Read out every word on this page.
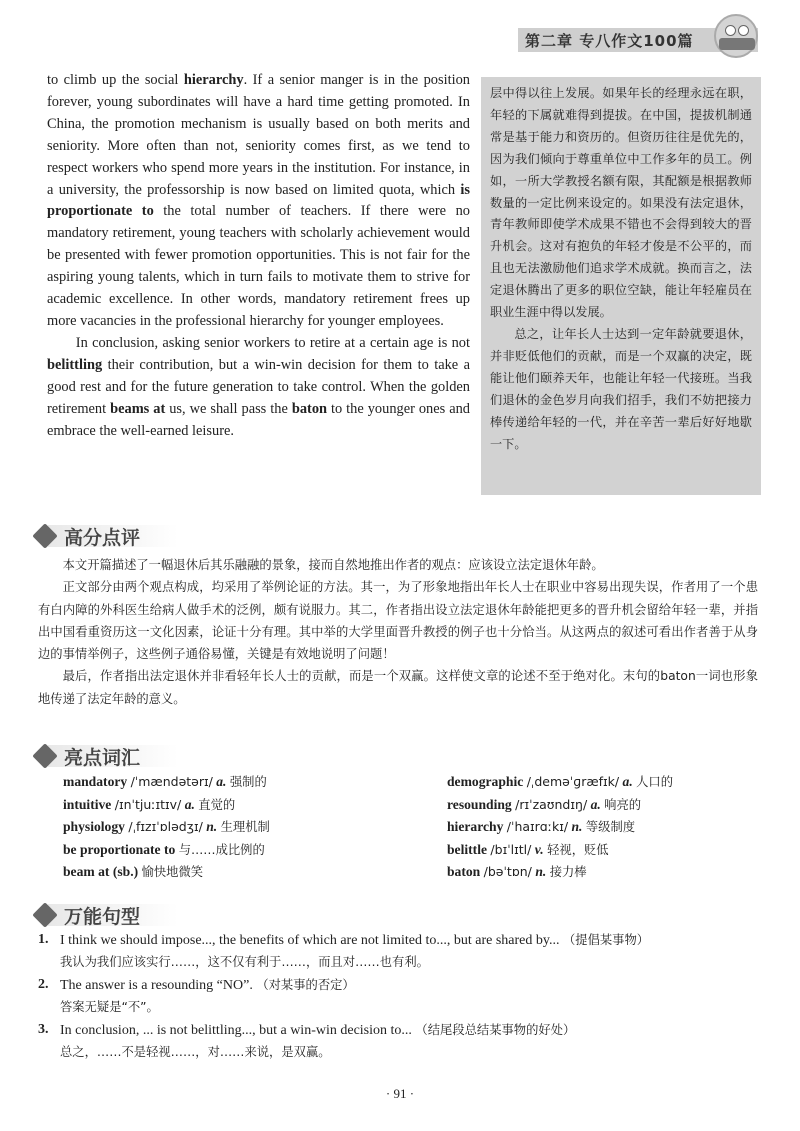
第二章 专八作文100篇

to climb up the social hierarchy. If a senior manger is in the position forever, young subordinates will have a hard time getting promoted. In China, the promotion mechanism is usually based on both merits and seniority. More often than not, seniority comes first, as we tend to respect workers who spend more years in the institution. For instance, in a university, the professorship is now based on limited quota, which is proportionate to the total number of teachers. If there were no mandatory retirement, young teachers with scholarly achievement would be presented with fewer promotion opportunities. This is not fair for the aspiring young talents, which in turn fails to motivate them to strive for academic excellence. In other words, mandatory retirement frees up more vacancies in the professional hierarchy for younger employees.

In conclusion, asking senior workers to retire at a certain age is not belittling their contribution, but a win-win decision for them to take a good rest and for the future generation to take control. When the golden retirement beams at us, we shall pass the baton to the younger ones and embrace the well-earned leisure.

层中得以往上发展。如果年长的经理永远在职，年轻的下属就难得到提拔。在中国，提拔机制通常是基于能力和资历的。但资历往往是优先的，因为我们倾向于尊重单位中工作多年的员工。例如，一所大学教授名额有限，其配额是根据教师数量的一定比例来设定的。如果没有法定退休，青年教师即使学术成果不错也不会得到较大的晋升机会。这对有抱负的年轻才俊是不公平的，而且也无法激励他们追求学术成就。换而言之，法定退休腾出了更多的职位空缺，能让年轻雇员在职业生涯中得以发展。

总之，让年长人士达到一定年龄就要退休，并非贬低他们的贡献，而是一个双赢的决定，既能让他们颐养天年，也能让年轻一代接班。当我们退休的金色岁月向我们招手，我们不妨把接力棒传递给年轻的一代，并在辛苦一辈后好好地歇一下。

高分点评

本文开篇描述了一幅退休后其乐融融的景象，接而自然地推出作者的观点：应该设立法定退休年龄。

正文部分由两个观点构成，均采用了举例论证的方法。其一，为了形象地指出年长人士在职业中容易出现失误，作者用了一个患有白内障的外科医生给病人做手术的泛例，颇有说服力。其二，作者指出设立法定退休年龄能把更多的晋升机会留给年轻一辈，并指出中国看重资历这一文化因素，论证十分有理。其中举的大学里面晋升教授的例子也十分恰当。从这两点的叙述可看出作者善于从身边的事情举例子，这些例子通俗易懂，关键是有效地说明了问题！

最后，作者指出法定退休并非看轻年长人士的贡献，而是一个双赢。这样使文章的论述不至于绝对化。末句的baton一词也形象地传递了法定年龄的意义。

亮点词汇
mandatory /ˈmændətərɪ/ a. 强制的	demographic /ˌdeməˈɡræfɪk/ a. 人口的
intuitive /ɪnˈtjuːɪtɪv/ a. 直觉的	resounding /rɪˈzaʊndɪŋ/ a. 响亮的
physiology /ˌfɪzɪˈɒlədʒɪ/ n. 生理机制	hierarchy /ˈhaɪrɑːkɪ/ n. 等级制度
be proportionate to 与……成比例的	belittle /bɪˈlɪtl/ v. 轻视，贬低
beam at (sb.) 愉快地微笑	baton /bəˈtɒn/ n. 接力棒
万能句型
1. I think we should impose..., the benefits of which are not limited to..., but are shared by... （提倡某事物）
我认为我们应该实行……，这不仅有利于……，而且对……也有利。
2. The answer is a resounding “NO”. （对某事的否定）
答案无疑是“不”。
3. In conclusion, ... is not belittling..., but a win-win decision to... （结尾段总结某事物的好处）
总之，……不是轻视……，对……来说，是双赢。
· 91 ·
